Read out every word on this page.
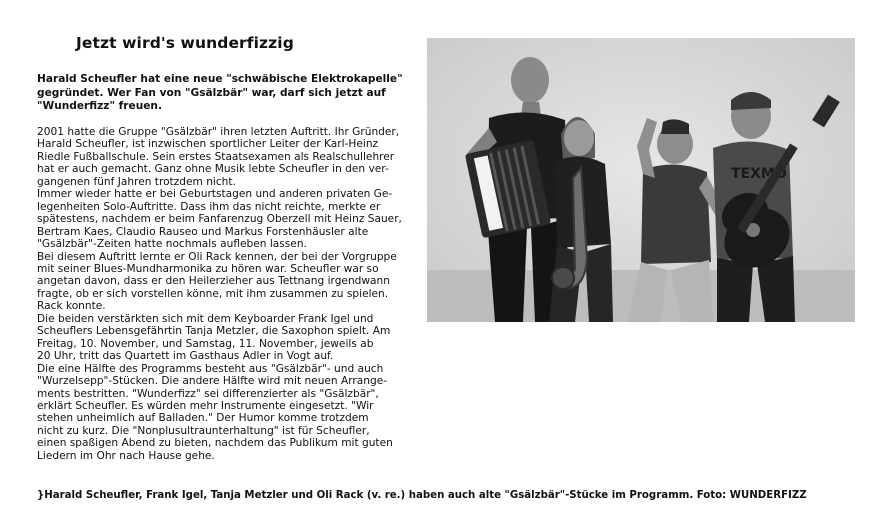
Jetzt wird's wunderfizzig
Harald Scheufler hat eine neue "schwäbische Elektrokapelle"
gegründet. Wer Fan von "Gsälzbär" war, darf sich jetzt auf
"Wunderfizz" freuen.
2001 hatte die Gruppe "Gsälzbär" ihren letzten Auftritt. Ihr Gründer,
Harald Scheufler, ist inzwischen sportlicher Leiter der Karl-Heinz
Riedle Fußballschule. Sein erstes Staatsexamen als Realschullehrer
hat er auch gemacht. Ganz ohne Musik lebte Scheufler in den ver-
gangenen fünf Jahren trotzdem nicht.
Immer wieder hatte er bei Geburtstagen und anderen privaten Ge-
legenheiten Solo-Auftritte. Dass ihm das nicht reichte, merkte er
spätestens, nachdem er beim Fanfarenzug Oberzell mit Heinz Sauer,
Bertram Kaes, Claudio Rauseo und Markus Forstenhäusler alte
"Gsälzbär"-Zeiten hatte nochmals aufleben lassen.
Bei diesem Auftritt lernte er Oli Rack kennen, der bei der Vorgruppe
mit seiner Blues-Mundharmonika zu hören war. Scheufler war so
angetan davon, dass er den Heilerzieher aus Tettnang irgendwann
fragte, ob er sich vorstellen könne, mit ihm zusammen zu spielen.
Rack konnte.
Die beiden verstärkten sich mit dem Keyboarder Frank Igel und
Scheuflers Lebensgefährtin Tanja Metzler, die Saxophon spielt. Am
Freitag, 10. November, und Samstag, 11. November, jeweils ab
20 Uhr, tritt das Quartett im Gasthaus Adler in Vogt auf.
Die eine Hälfte des Programms besteht aus "Gsälzbär"- und auch
"Wurzelsepp"-Stücken. Die andere Hälfte wird mit neuen Arrange-
ments bestritten. "Wunderfizz" sei differenzierter als "Gsälzbär",
erklärt Scheufler. Es würden mehr Instrumente eingesetzt. "Wir
stehen unheimlich auf Balladen." Der Humor komme trotzdem
nicht zu kurz. Die "Nonplusultraunterhaltung" ist für Scheufler,
einen spaßigen Abend zu bieten, nachdem das Publikum mit guten
Liedern im Ohr nach Hause gehe.
TEXMO
}Harald Scheufler, Frank Igel, Tanja Metzler und Oli Rack (v. re.) haben auch alte "Gsälzbär"-Stücke im Programm. Foto: WUNDERFIZZ
